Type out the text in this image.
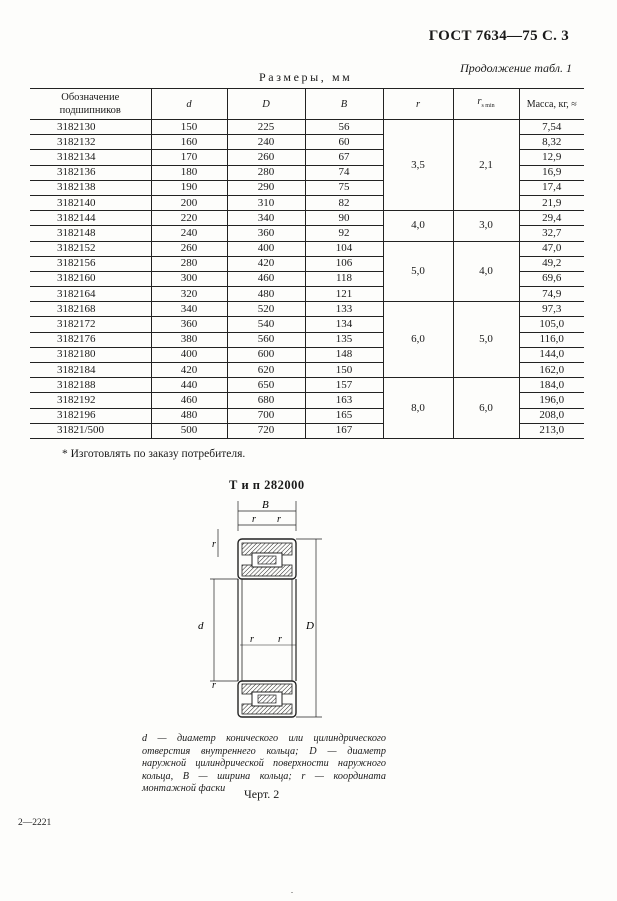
ГОСТ 7634—75 С. 3
Продолжение табл. 1
Размеры, мм
Обозначение подшипников	d	D	B	r	$r_{s min}$	Масса, кг, ≈
3182130	150	225	56	3,5	2,1	7,54
3182132	160	240	60			8,32
3182134	170	260	67			12,9
3182136	180	280	74			16,9
3182138	190	290	75			17,4
3182140	200	310	82			21,9
3182144	220	340	90	4,0	3,0	29,4
3182148	240	360	92			32,7
3182152	260	400	104	5,0	4,0	47,0
3182156	280	420	106			49,2
3182160	300	460	118			69,6
3182164	320	480	121			74,9
3182168	340	520	133	6,0	5,0	97,3
3182172	360	540	134			105,0
3182176	380	560	135			116,0
3182180	400	600	148			144,0
3182184	420	620	150			162,0
3182188	440	650	157	8,0	6,0	184,0
3182192	460	680	163			196,0
3182196	480	700	165			208,0
31821/500	500	720	167			213,0
* Изготовлять по заказу потребителя.
Т и п 282000
B
r r
d	D
r
r
r r
d — диаметр конического или цилиндрического отверстия внутреннего кольца; D — диаметр наружной цилиндрической поверхности наружного кольца, B — ширина кольца; r — координата монтажной фаски	Черт. 2
2—2221
.
